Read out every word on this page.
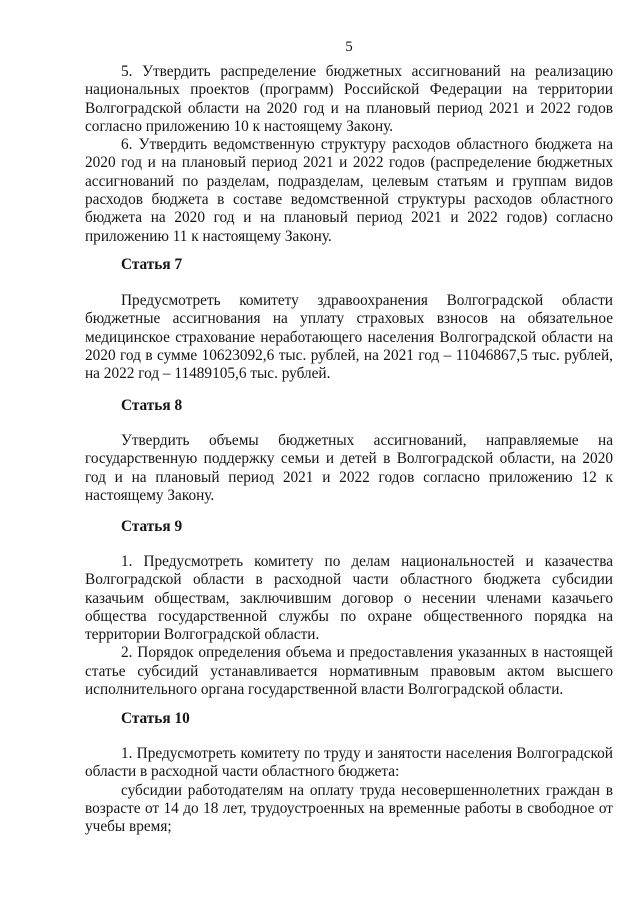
5

5. Утвердить распределение бюджетных ассигнований на реализацию национальных проектов (программ) Российской Федерации на территории Волгоградской области на 2020 год и на плановый период 2021 и 2022 годов согласно приложению 10 к настоящему Закону.

6. Утвердить ведомственную структуру расходов областного бюджета на 2020 год и на плановый период 2021 и 2022 годов (распределение бюджетных ассигнований по разделам, подразделам, целевым статьям и группам видов расходов бюджета в составе ведомственной структуры расходов областного бюджета на 2020 год и на плановый период 2021 и 2022 годов) согласно приложению 11 к настоящему Закону.

Статья 7

Предусмотреть комитету здравоохранения Волгоградской области бюджетные ассигнования на уплату страховых взносов на обязательное медицинское страхование неработающего населения Волгоградской области на 2020 год в сумме 10623092,6 тыс. рублей, на 2021 год – 11046867,5 тыс. рублей, на 2022 год – 11489105,6 тыс. рублей.

Статья 8

Утвердить объемы бюджетных ассигнований, направляемые на государственную поддержку семьи и детей в Волгоградской области, на 2020 год и на плановый период 2021 и 2022 годов согласно приложению 12 к настоящему Закону.

Статья 9

1. Предусмотреть комитету по делам национальностей и казачества Волгоградской области в расходной части областного бюджета субсидии казачьим обществам, заключившим договор о несении членами казачьего общества государственной службы по охране общественного порядка на территории Волгоградской области.

2. Порядок определения объема и предоставления указанных в настоящей статье субсидий устанавливается нормативным правовым актом высшего исполнительного органа государственной власти Волгоградской области.

Статья 10

1. Предусмотреть комитету по труду и занятости населения Волгоградской области в расходной части областного бюджета:

субсидии работодателям на оплату труда несовершеннолетних граждан в возрасте от 14 до 18 лет, трудоустроенных на временные работы в свободное от учебы время;
